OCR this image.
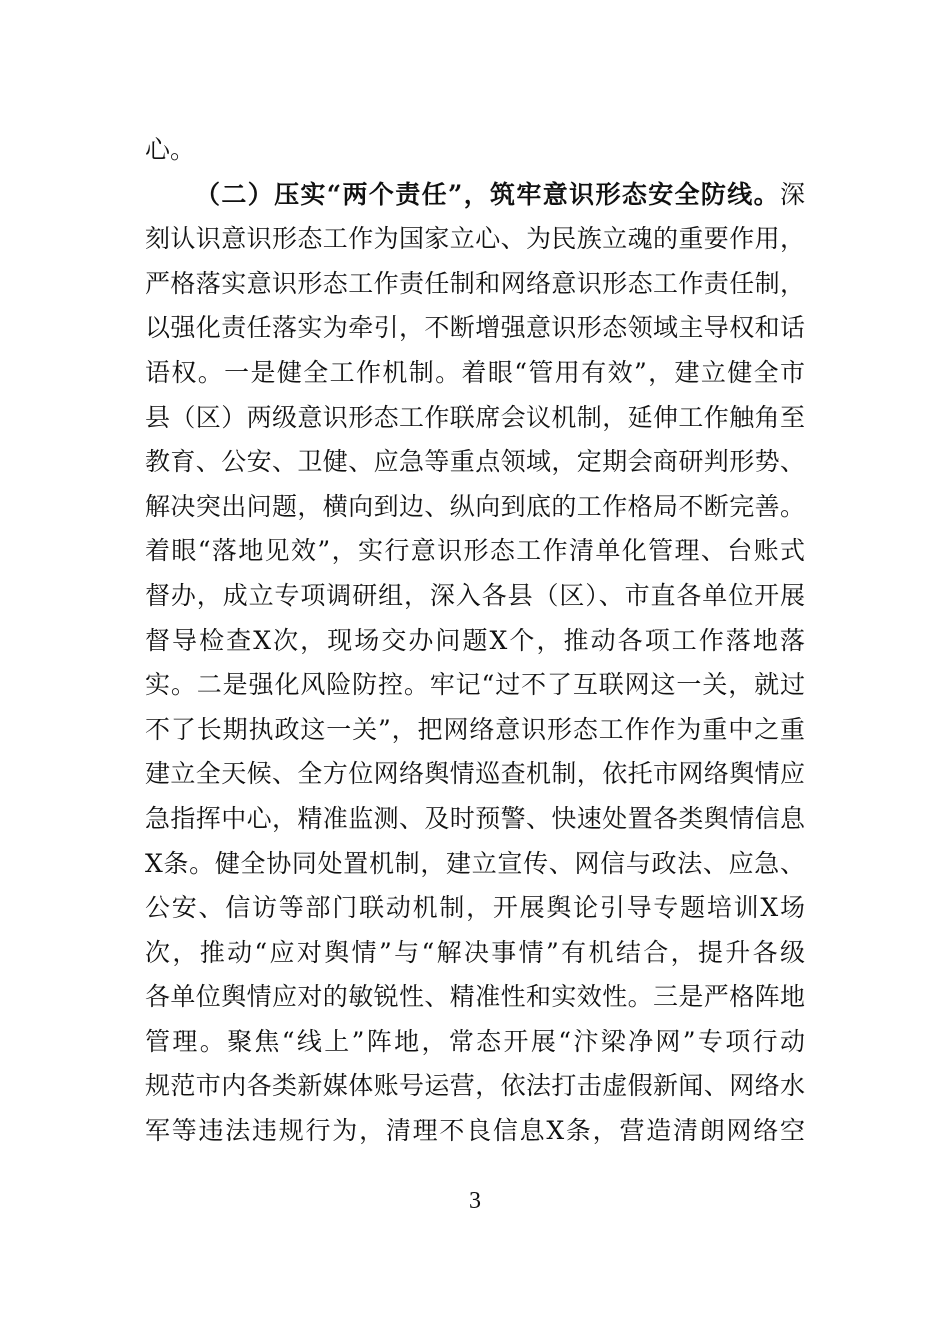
心。
（二）压实“两个责任”，筑牢意识形态安全防线。深
刻认识意识形态工作为国家立心、为民族立魂的重要作用，
严格落实意识形态工作责任制和网络意识形态工作责任制，
以强化责任落实为牵引，不断增强意识形态领域主导权和话
语权。一是健全工作机制。着眼“管用有效”，建立健全市
县（区）两级意识形态工作联席会议机制，延伸工作触角至
教育、公安、卫健、应急等重点领域，定期会商研判形势、
解决突出问题，横向到边、纵向到底的工作格局不断完善。
着眼“落地见效”，实行意识形态工作清单化管理、台账式
督办，成立专项调研组，深入各县（区）、市直各单位开展
督导检查X次，现场交办问题X个，推动各项工作落地落
实。二是强化风险防控。牢记“过不了互联网这一关，就过
不了长期执政这一关”，把网络意识形态工作作为重中之重
建立全天候、全方位网络舆情巡查机制，依托市网络舆情应
急指挥中心，精准监测、及时预警、快速处置各类舆情信息
X条。健全协同处置机制，建立宣传、网信与政法、应急、
公安、信访等部门联动机制，开展舆论引导专题培训X场
次，推动“应对舆情”与“解决事情”有机结合，提升各级
各单位舆情应对的敏锐性、精准性和实效性。三是严格阵地
管理。聚焦“线上”阵地，常态开展“汴梁净网”专项行动
规范市内各类新媒体账号运营，依法打击虚假新闻、网络水
军等违法违规行为，清理不良信息X条，营造清朗网络空
3
